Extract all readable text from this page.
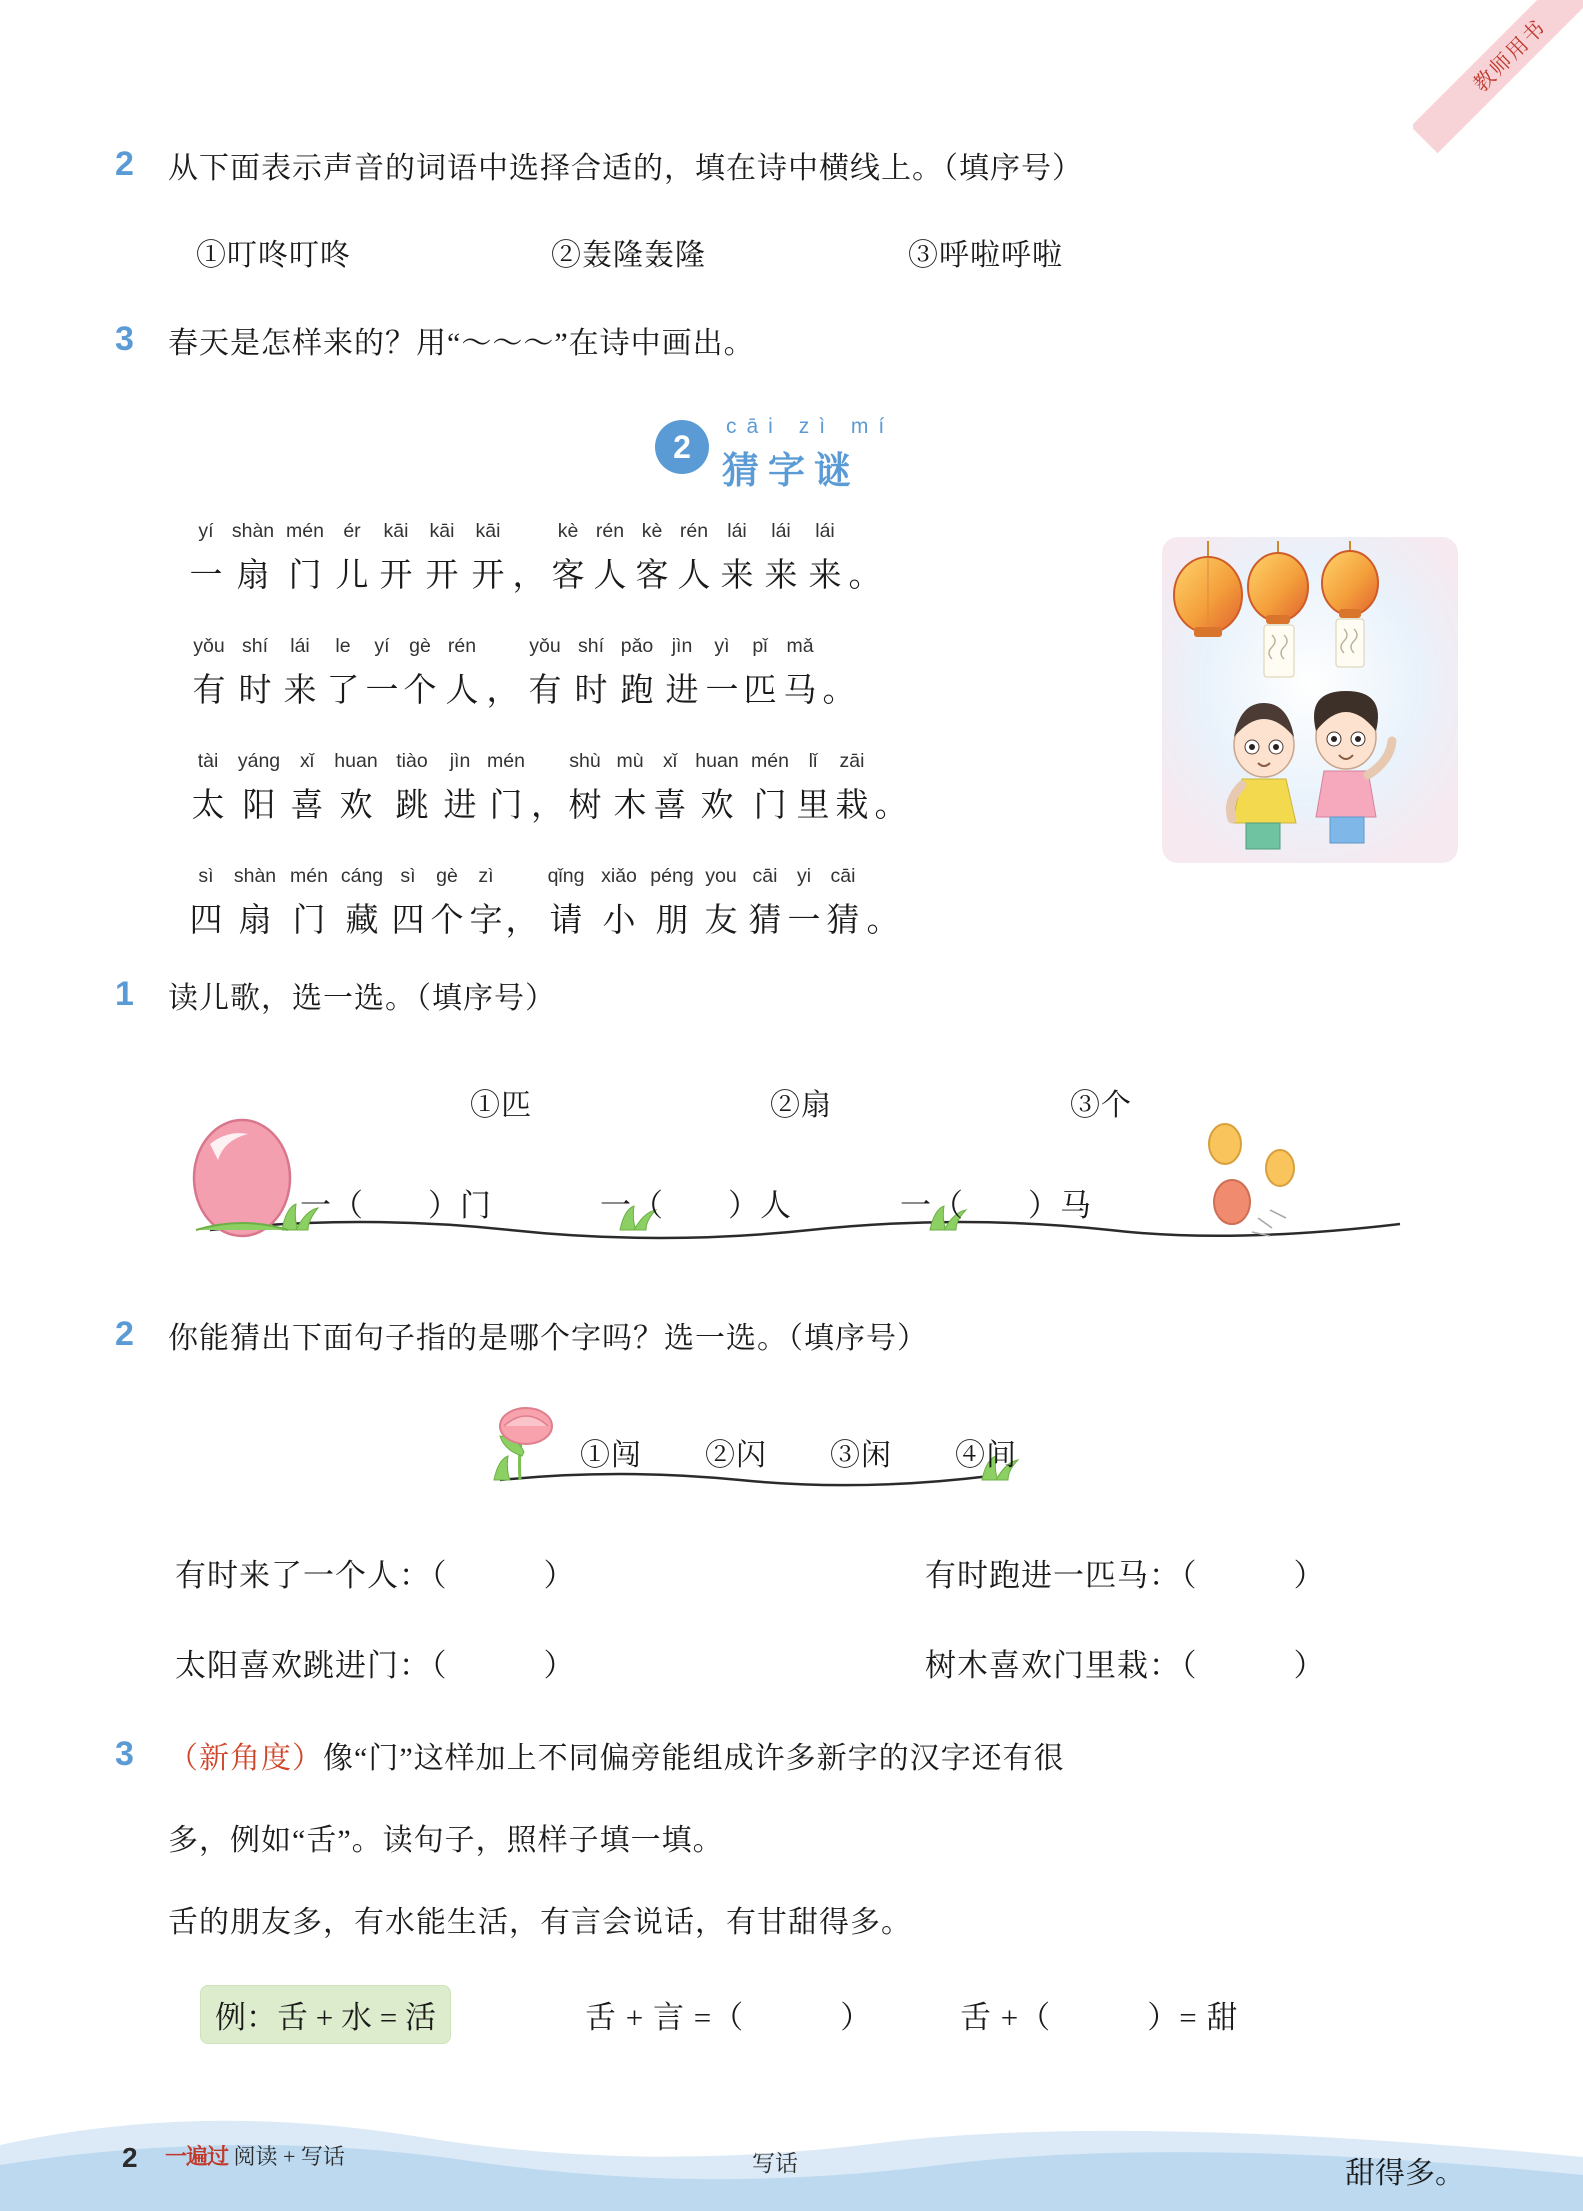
教师用书
2 从下面表示声音的词语中选择合适的，填在诗中横线上。（填序号）
①叮咚叮咚	②轰隆轰隆	③呼啦呼啦
3 春天是怎样来的？用“〜〜〜”在诗中画出。
2
cāi zì mí
猜字谜
yí shàn mén ér	kāi	kāi	kāi	kè rén kè rén lái	lái	lái
一 扇 门 儿 开 开 开 ， 客 人 客 人 来 来 来 。
yǒu shí	lái	le	yí	gè rén	yǒu shí pǎo jìn	yì	pǐ mǎ
有 时 来 了 一 个 人 ， 有 时 跑 进 一 匹 马 。
tài	yáng	xǐ	huan tiào	jìn mén	shù mù xǐ huan mén	lǐ	zāi
太 阳 喜 欢 跳 进 门 ， 树 木 喜 欢 门 里 栽 。
sì	shàn mén cáng sì	gè	zì	qǐng xiǎo péng you cāi yi cāi
四 扇 门 藏 四 个 字 ， 请 小 朋 友 猜 一 猜 。
1 读儿歌，选一选。（填序号）
①匹	②扇	③个
一（　　）门	一（　　）人	一（　　）马
2 你能猜出下面句子指的是哪个字吗？选一选。（填序号）
①闯 ②闪 ③闲 ④间
有时来了一个人：（　　　）	有时跑进一匹马：（　　　）
太阳喜欢跳进门：（　　　）	树木喜欢门里栽：（　　　）
3 （新角度）像“门”这样加上不同偏旁能组成许多新字的汉字还有很
多，例如“舌”。读句子，照样子填一填。
舌的朋友多，有水能生活，有言会说话，有甘甜得多。
例：舌 + 水 = 活	舌 + 言 =（　　　）	舌 +（　　　）= 甜
2 一遍过 阅读 + 写话	写话	甜得多。
